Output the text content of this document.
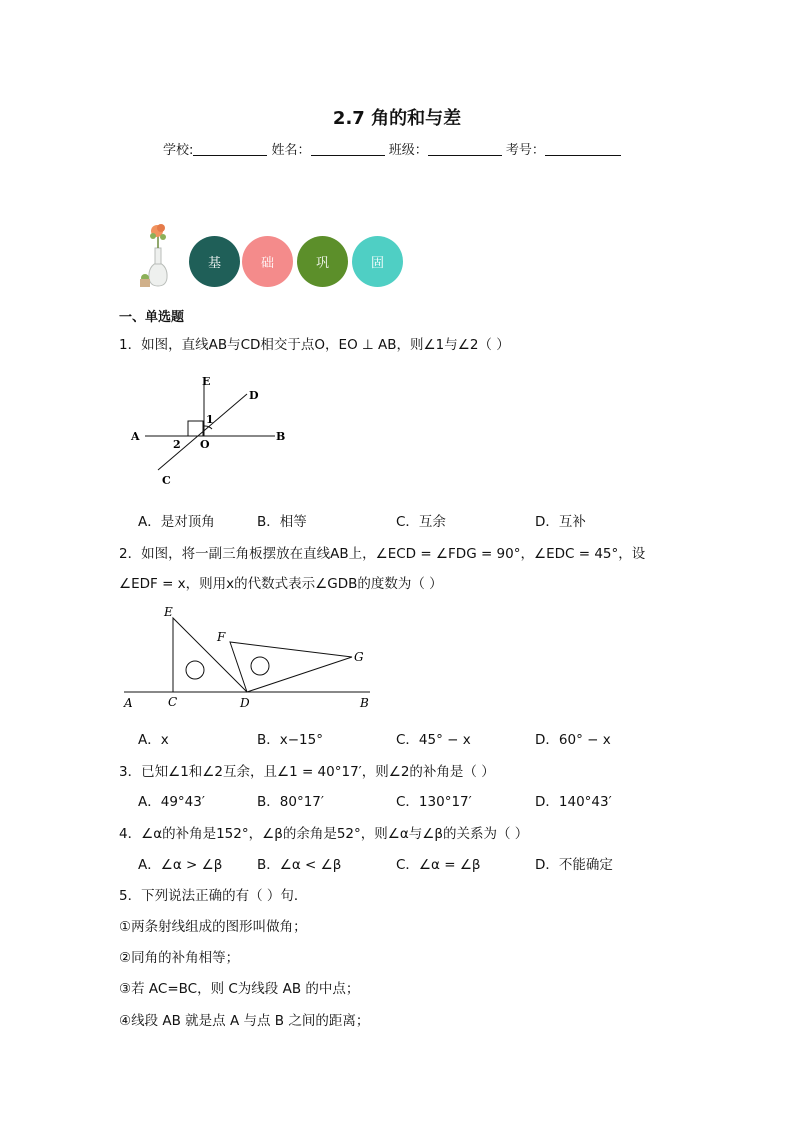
2.7 角的和与差
学校:	姓名：	班级：	考号：
基	础	巩	固
一、单选题
1．如图，直线AB与CD相交于点O，EO ⊥ AB，则∠1与∠2（ ）
A	B
C
D
E
O
1
2
A．是对顶角	B．相等	C．互余	D．互补
2．如图，将一副三角板摆放在直线AB上，∠ECD = ∠FDG = 90°，∠EDC = 45°，设
∠EDF = x，则用x的代数式表示∠GDB的度数为（ ）
A	B
C	D
E
F
G
A．x	B．x−15°	C．45° − x	D．60° − x
3．已知∠1和∠2互余，且∠1 = 40°17′，则∠2的补角是（ ）
A．49°43′	B．80°17′	C．130°17′	D．140°43′
4．∠α的补角是152°，∠β的余角是52°，则∠α与∠β的关系为（ ）
A．∠α > ∠β	B．∠α < ∠β	C．∠α = ∠β	D．不能确定
5．下列说法正确的有（ ）句．
①两条射线组成的图形叫做角；
②同角的补角相等；
③若 AC=BC，则 C为线段 AB 的中点；
④线段 AB 就是点 A 与点 B 之间的距离；
